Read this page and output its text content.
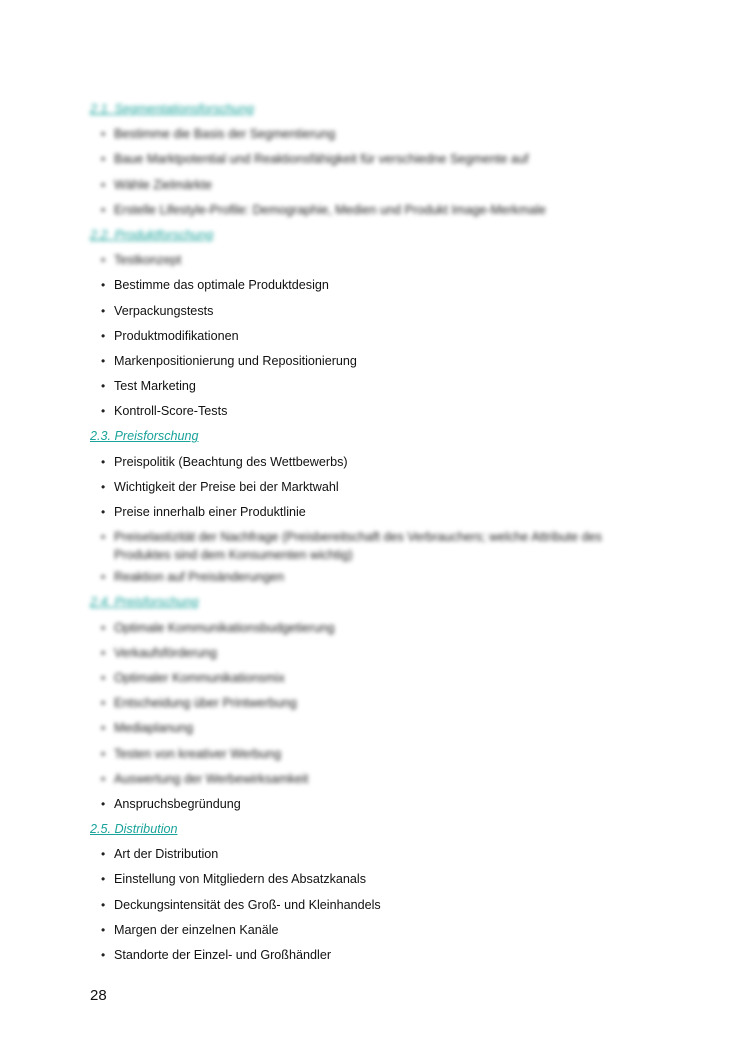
2.1. Segmentationsforschung
• Bestimme die Basis der Segmentierung
• Baue Marktpotential und Reaktionsfähigkeit für verschiedne Segmente auf
• Wähle Zielmärkte
• Erstelle Lifestyle-Profile: Demographie, Medien und Produkt Image-Merkmale
2.2. Produktforschung
• Testkonzept
• Bestimme das optimale Produktdesign
• Verpackungstests
• Produktmodifikationen
• Markenpositionierung und Repositionierung
• Test Marketing
• Kontroll-Score-Tests
2.3. Preisforschung
• Preispolitik (Beachtung des Wettbewerbs)
• Wichtigkeit der Preise bei der Marktwahl
• Preise innerhalb einer Produktlinie
• Preiselastizität der Nachfrage (Preisbereitschaft des Verbrauchers; welche Attribute des Produktes sind dem Konsumenten wichtig)
• Reaktion auf Preisänderungen
2.4. Preisforschung
• Optimale Kommunikationsbudgetierung
• Verkaufsförderung
• Optimaler Kommunikationsmix
• Entscheidung über Printwerbung
• Mediaplanung
• Testen von kreativer Werbung
• Auswertung der Werbewirksamkeit
• Anspruchsbegründung
2.5. Distribution
• Art der Distribution
• Einstellung von Mitgliedern des Absatzkanals
• Deckungsintensität des Groß- und Kleinhandels
• Margen der einzelnen Kanäle
• Standorte der Einzel- und Großhändler
28
